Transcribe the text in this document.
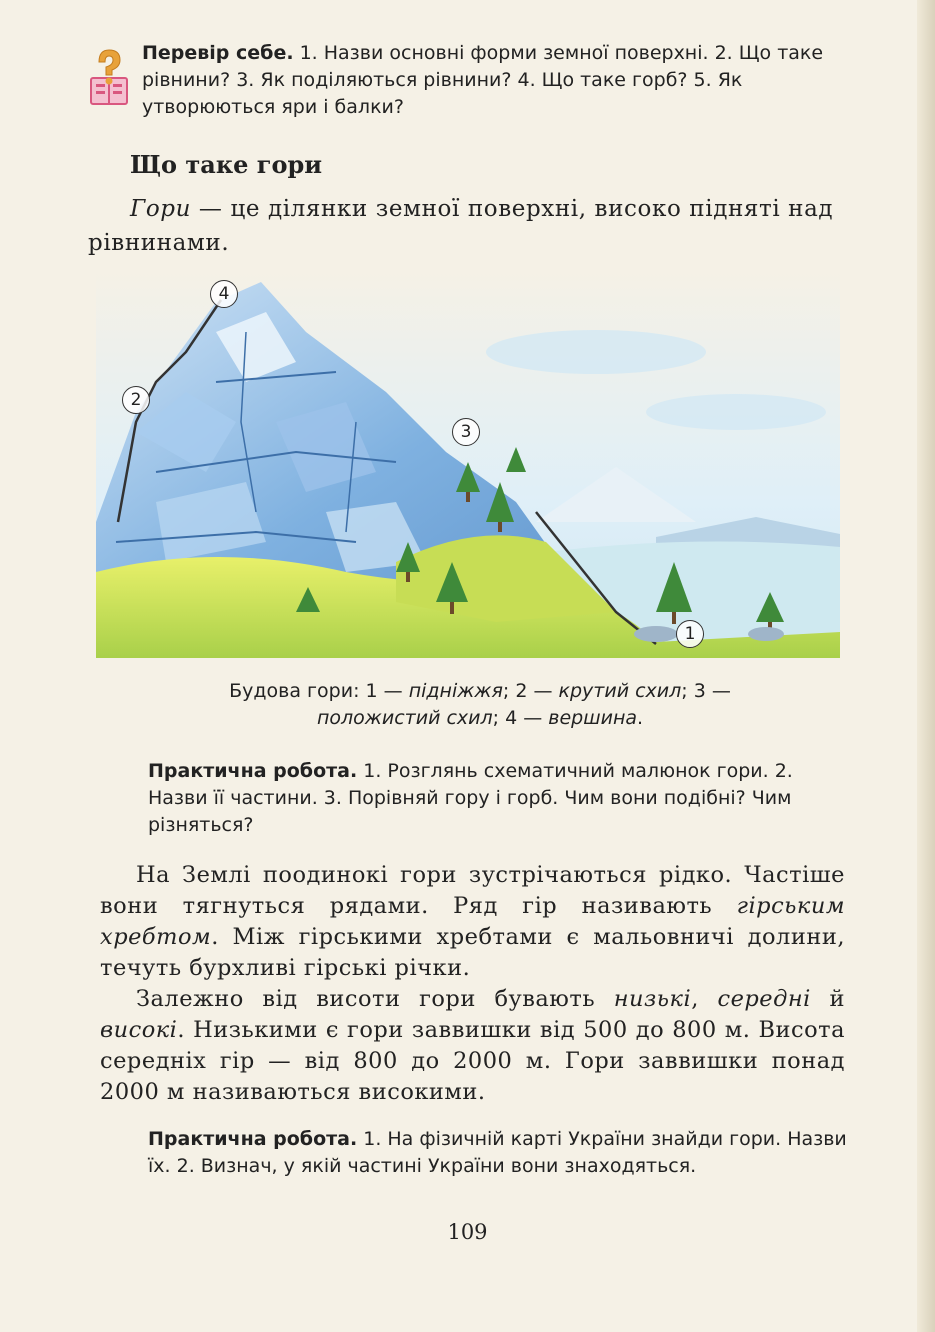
Перевір себе. 1. Назви основні форми земної поверхні. 2. Що таке рівнини? 3. Як поділяються рівнини? 4. Що таке горб? 5. Як утворюються яри і балки?
Що таке гори
Гори — це ділянки земної поверхні, високо підняті над рівнинами.
1
2
3
4
Будова гори: 1 — підніжжя; 2 — крутий схил; 3 — положистий схил; 4 — вершина.
Практична робота. 1. Розглянь схематичний малюнок гори. 2. Назви її частини. 3. Порівняй гору і горб. Чим вони подібні? Чим різняться?
На Землі поодинокі гори зустрічаються рідко. Частіше вони тягнуться рядами. Ряд гір називають гірським хребтом. Між гірськими хребтами є мальовничі долини, течуть бурхливі гірські річки.
Залежно від висоти гори бувають низькі, середні й високі. Низькими є гори заввишки від 500 до 800 м. Висота середніх гір — від 800 до 2000 м. Гори заввишки понад 2000 м називаються високими.
Практична робота. 1. На фізичній карті України знайди гори. Назви їх. 2. Визнач, у якій частині України вони знаходяться.
109
